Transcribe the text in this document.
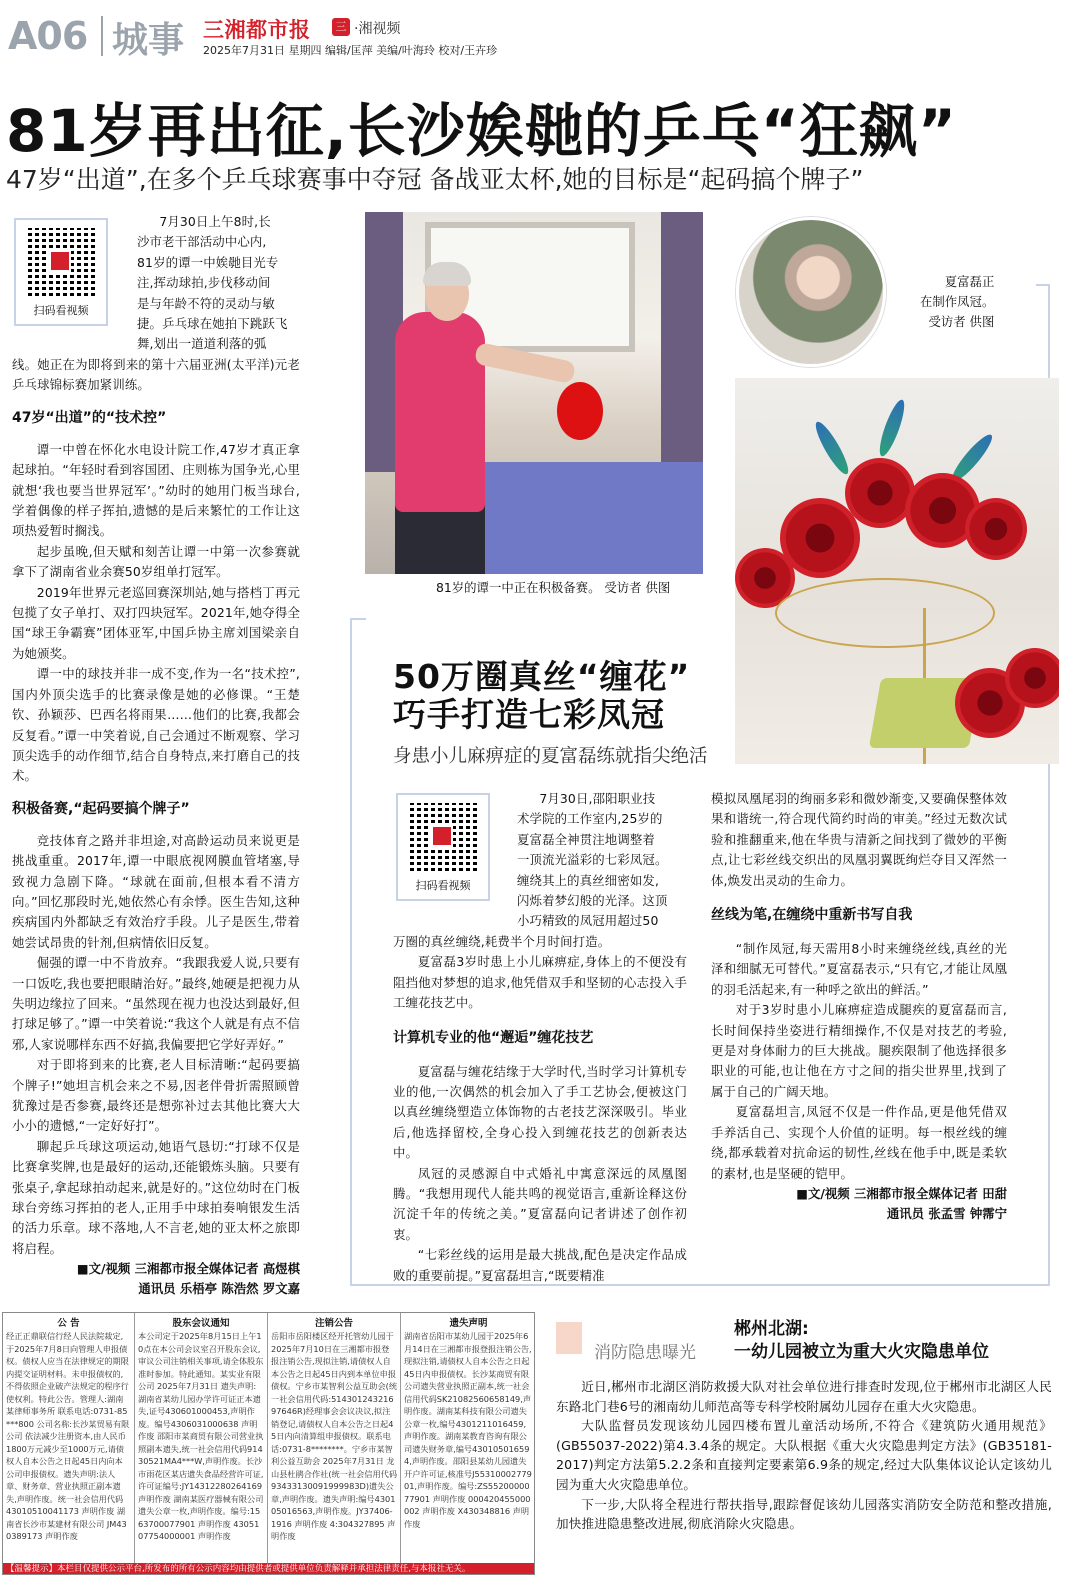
A06 城事 三湘都市报	三 ·湘视频
2025年7月31日 星期四 编辑/匡萍 美编/叶海玲 校对/王卉珍
81岁再出征,长沙娭毑的乒乓“狂飙”
47岁“出道”,在多个乒乓球赛事中夺冠 备战亚太杯,她的目标是“起码搞个牌子”
扫码看视频

7月30日上午8时,长

沙市老干部活动中心内,

81岁的谭一中娭毑目光专

注,挥动球拍,步伐移动间

是与年龄不符的灵动与敏

捷。乒乓球在她拍下跳跃飞

舞,划出一道道利落的弧

线。她正在为即将到来的第十六届亚洲(太平洋)元老乒乓球锦标赛加紧训练。

47岁“出道”的“技术控”

谭一中曾在怀化水电设计院工作,47岁才真正拿起球拍。“年轻时看到容国团、庄则栋为国争光,心里就想‘我也要当世界冠军’。”幼时的她用门板当球台,学着偶像的样子挥拍,遗憾的是后来繁忙的工作让这项热爱暂时搁浅。

起步虽晚,但天赋和刻苦让谭一中第一次参赛就拿下了湖南省业余赛50岁组单打冠军。

2019年世界元老巡回赛深圳站,她与搭档丁再元包揽了女子单打、双打四块冠军。2021年,她夺得全国“球王争霸赛”团体亚军,中国乒协主席刘国梁亲自为她颁奖。

谭一中的球技并非一成不变,作为一名“技术控”,国内外顶尖选手的比赛录像是她的必修课。“王楚钦、孙颖莎、巴西名将雨果……他们的比赛,我都会反复看。”谭一中笑着说,自己会通过不断观察、学习顶尖选手的动作细节,结合自身特点,来打磨自己的技术。

积极备赛,“起码要搞个牌子”

竞技体育之路并非坦途,对高龄运动员来说更是挑战重重。2017年,谭一中眼底视网膜血管堵塞,导致视力急剧下降。“球就在面前,但根本看不清方向。”回忆那段时光,她依然心有余悸。医生告知,这种疾病国内外都缺乏有效治疗手段。儿子是医生,带着她尝试昂贵的针剂,但病情依旧反复。

倔强的谭一中不肯放弃。“我跟我爱人说,只要有一口饭吃,我也要把眼睛治好。”最终,她硬是把视力从失明边缘拉了回来。“虽然现在视力也没达到最好,但打球足够了。”谭一中笑着说:“我这个人就是有点不信邪,人家说哪样东西不好搞,我偏要把它学好弄好。”

对于即将到来的比赛,老人目标清晰:“起码要搞个牌子!”她坦言机会来之不易,因老伴骨折需照顾曾犹豫过是否参赛,最终还是想弥补过去其他比赛大大小小的遗憾,“一定好好打”。

聊起乒乓球这项运动,她语气恳切:“打球不仅是比赛拿奖牌,也是最好的运动,还能锻炼头脑。只要有张桌子,拿起球拍动起来,就是好的。”这位幼时在门板球台旁练习挥拍的老人,正用手中球拍奏响银发生活的活力乐章。球不落地,人不言老,她的亚太杯之旅即将启程。

■文/视频 三湘都市报全媒体记者 高煜棋
通讯员 乐梧亭 陈浩然 罗文嘉
81岁的谭一中正在积极备赛。 受访者 供图
夏富磊正
在制作凤冠。
受访者 供图
50万圈真丝“缠花”
巧手打造七彩凤冠
身患小儿麻痹症的夏富磊练就指尖绝活
扫码看视频

7月30日,邵阳职业技

术学院的工作室内,25岁的

夏富磊全神贯注地调整着

一顶流光溢彩的七彩凤冠。

缠绕其上的真丝细密如发,

闪烁着梦幻般的光泽。这顶

小巧精致的凤冠用超过50

万圈的真丝缠绕,耗费半个月时间打造。

夏富磊3岁时患上小儿麻痹症,身体上的不便没有阻挡他对梦想的追求,他凭借双手和坚韧的心志投入手工缠花技艺中。

计算机专业的他“邂逅”缠花技艺

夏富磊与缠花结缘于大学时代,当时学习计算机专业的他,一次偶然的机会加入了手工艺协会,便被这门以真丝缠绕塑造立体饰物的古老技艺深深吸引。毕业后,他选择留校,全身心投入到缠花技艺的创新表达中。

凤冠的灵感源自中式婚礼中寓意深远的凤凰图腾。“我想用现代人能共鸣的视觉语言,重新诠释这份沉淀千年的传统之美。”夏富磊向记者讲述了创作初衷。

“七彩丝线的运用是最大挑战,配色是决定作品成败的重要前提。”夏富磊坦言,“既要精准

模拟凤凰尾羽的绚丽多彩和微妙渐变,又要确保整体效果和谐统一,符合现代简约时尚的审美。”经过无数次试验和推翻重来,他在华贵与清新之间找到了微妙的平衡点,让七彩丝线交织出的凤凰羽翼既绚烂夺目又浑然一体,焕发出灵动的生命力。

丝线为笔,在缠绕中重新书写自我

“制作凤冠,每天需用8小时来缠绕丝线,真丝的光泽和细腻无可替代。”夏富磊表示,“只有它,才能让凤凰的羽毛活起来,有一种呼之欲出的鲜活。”

对于3岁时患小儿麻痹症造成腿疾的夏富磊而言,长时间保持坐姿进行精细操作,不仅是对技艺的考验,更是对身体耐力的巨大挑战。腿疾限制了他选择很多职业的可能,也让他在方寸之间的指尖世界里,找到了属于自己的广阔天地。

夏富磊坦言,凤冠不仅是一件作品,更是他凭借双手养活自己、实现个人价值的证明。每一根丝线的缠绕,都承载着对抗命运的韧性,丝线在他手中,既是柔软的素材,也是坚硬的铠甲。

■文/视频 三湘都市报全媒体记者 田甜
通讯员 张孟雪 钟霈宁
公 告
经正正鼎联信行经人民法院裁定,于2025年7月8日向管理人申报债权。债权人应当在法律规定的期限内提交证明材料。未申报债权的,不得依照企业破产法规定的程序行使权利。特此公告。管理人:湖南某律师事务所 联系电话:0731-85***800 公司名称:长沙某贸易有限公司 依法减少注册资本,由人民币1800万元减少至1000万元,请债权人自本公告之日起45日内向本公司申报债权。遗失声明:法人章、财务章、营业执照正副本遗失,声明作废。统一社会信用代码 43010510041173 声明作废 湖南省长沙市某建材有限公司 JM430389173 声明作废
股东会议通知
本公司定于2025年8月15日上午10点在本公司会议室召开股东会议,审议公司注销相关事项,请全体股东准时参加。特此通知。某实业有限公司 2025年7月31日 遗失声明:湖南省某幼儿园办学许可证正本遗失,证号430601000453,声明作废。编号4306031000638 声明作废 邵阳市某商贸有限公司营业执照副本遗失,统一社会信用代码91430521MA4***W,声明作废。长沙市雨花区某店遗失食品经营许可证,许可证编号:JY14312280264169 声明作废 湖南某医疗器械有限公司遗失公章一枚,声明作废。编号:1563700077901 声明作废 4305107754000001 声明作废
注销公告
岳阳市岳阳楼区经开托管幼儿园于2025年7月10日在三湘都市报登报注销公告,现拟注销,请债权人自本公告之日起45日内到本单位申报债权。宁乡市某智利公益互助会(统一社会信用代码:51430124321697646R)经理事会会议决议,拟注销登记,请债权人自本公告之日起45日内向清算组申报债权。联系电话:0731-8********。宁乡市某智利公益互助会 2025年7月31日 龙山县杜鹃合作社(统一社会信用代码93433130091999983D)遗失公章,声明作废。遗失声明:编号430105016563,声明作废。JY37406-1916 声明作废 4:304327895 声明作废
遗失声明
湖南省岳阳市某幼儿园于2025年6月14日在三湘都市报登报注销公告,现拟注销,请债权人自本公告之日起45日内申报债权。长沙某商贸有限公司遗失营业执照正副本,统一社会信用代码SK21082560658149,声明作废。湖南某科技有限公司遗失公章一枚,编号4301211016459,声明作废。湖南某教育咨询有限公司遗失财务章,编号430105016594,声明作废。邵阳县某幼儿园遗失开户许可证,核准号J5531000277901,声明作废。编号:ZS5520000077901 声明作废 000420455000002 声明作废 X430348816 声明作废
【温馨提示】本栏目仅提供公示平台,所发布的所有公示内容均由提供者或提供单位负责解释并承担法律责任,与本报社无关。
消防隐患曝光
郴州北湖:
一幼儿园被立为重大火灾隐患单位

近日,郴州市北湖区消防救援大队对社会单位进行排查时发现,位于郴州市北湖区人民东路北门巷6号的湘南幼儿师范高等专科学校附属幼儿园存在重大火灾隐患。

大队监督员发现该幼儿园四楼布置儿童活动场所,不符合《建筑防火通用规范》(GB55037-2022)第4.3.4条的规定。大队根据《重大火灾隐患判定方法》(GB35181-2017)判定方法第5.2.2条和直接判定要素第6.9条的规定,经过大队集体议论认定该幼儿园为重大火灾隐患单位。

下一步,大队将全程进行帮扶指导,跟踪督促该幼儿园落实消防安全防范和整改措施,加快推进隐患整改进展,彻底消除火灾隐患。
